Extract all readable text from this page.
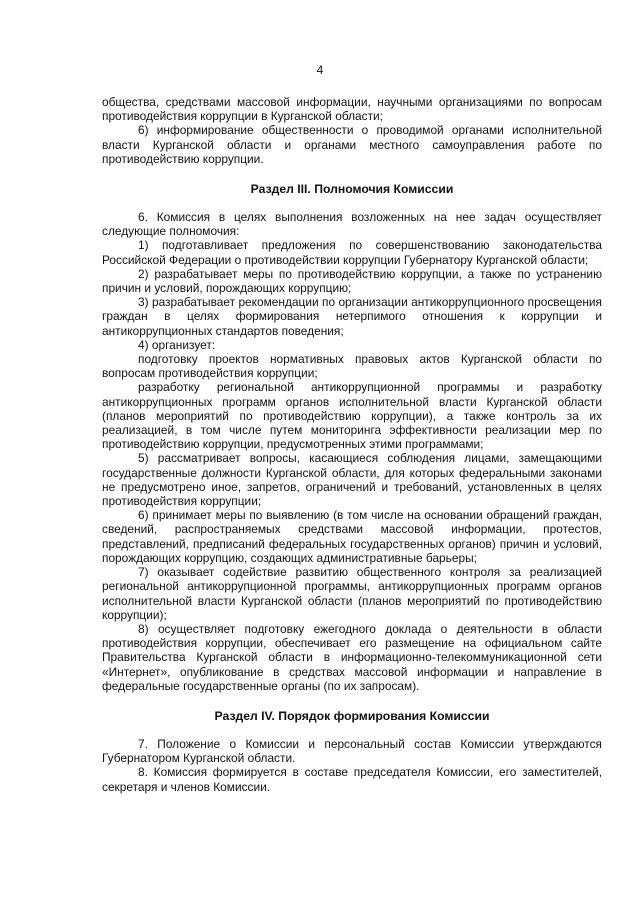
4

общества, средствами массовой информации, научными организациями по вопросам противодействия коррупции в Курганской области;

6) информирование общественности о проводимой органами исполнительной власти Курганской области и органами местного самоуправления работе по противодействию коррупции.

Раздел III. Полномочия Комиссии

6. Комиссия в целях выполнения возложенных на нее задач осуществляет следующие полномочия:

1) подготавливает предложения по совершенствованию законодательства Российской Федерации о противодействии коррупции Губернатору Курганской области;

2) разрабатывает меры по противодействию коррупции, а также по устранению причин и условий, порождающих коррупцию;

3) разрабатывает рекомендации по организации антикоррупционного просвещения граждан в целях формирования нетерпимого отношения к коррупции и антикоррупционных стандартов поведения;

4) организует:

подготовку проектов нормативных правовых актов Курганской области по вопросам противодействия коррупции;

разработку региональной антикоррупционной программы и разработку антикоррупционных программ органов исполнительной власти Курганской области (планов мероприятий по противодействию коррупции), а также контроль за их реализацией, в том числе путем мониторинга эффективности реализации мер по противодействию коррупции, предусмотренных этими программами;

5) рассматривает вопросы, касающиеся соблюдения лицами, замещающими государственные должности Курганской области, для которых федеральными законами не предусмотрено иное, запретов, ограничений и требований, установленных в целях противодействия коррупции;

6) принимает меры по выявлению (в том числе на основании обращений граждан, сведений, распространяемых средствами массовой информации, протестов, представлений, предписаний федеральных государственных органов) причин и условий, порождающих коррупцию, создающих административные барьеры;

7) оказывает содействие развитию общественного контроля за реализацией региональной антикоррупционной программы, антикоррупционных программ органов исполнительной власти Курганской области (планов мероприятий по противодействию коррупции);

8) осуществляет подготовку ежегодного доклада о деятельности в области противодействия коррупции, обеспечивает его размещение на официальном сайте Правительства Курганской области в информационно-телекоммуникационной сети «Интернет», опубликование в средствах массовой информации и направление в федеральные государственные органы (по их запросам).

Раздел IV. Порядок формирования Комиссии

7. Положение о Комиссии и персональный состав Комиссии утверждаются Губернатором Курганской области.

8. Комиссия формируется в составе председателя Комиссии, его заместителей, секретаря и членов Комиссии.
